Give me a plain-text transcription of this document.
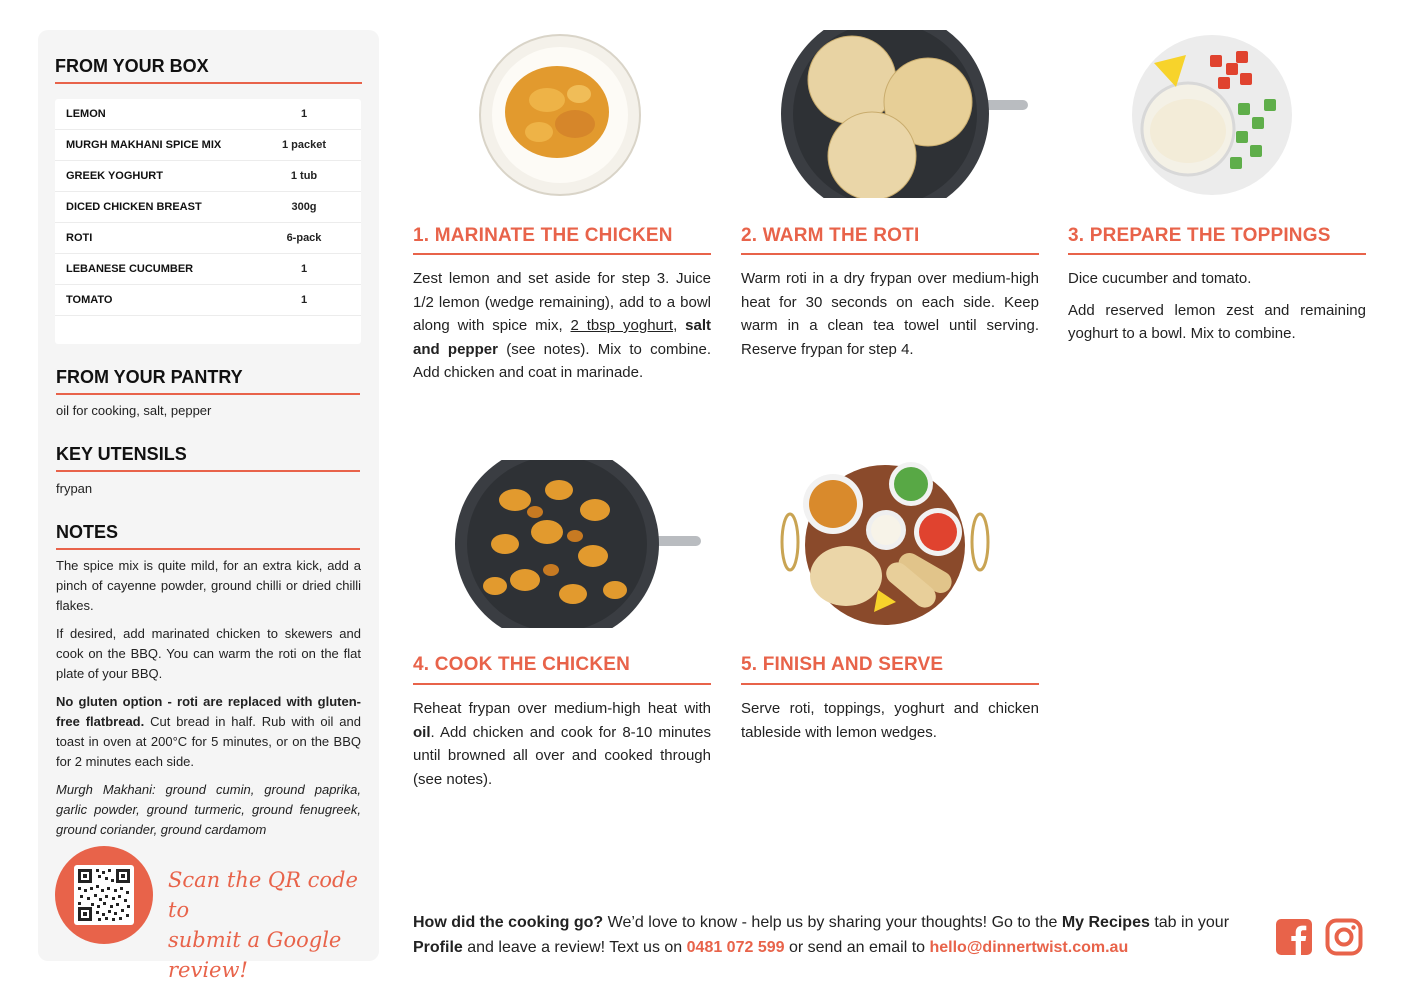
FROM YOUR BOX
LEMON	1
MURGH MAKHANI SPICE MIX	1 packet
GREEK YOGHURT	1 tub
DICED CHICKEN BREAST	300g
ROTI	6-pack
LEBANESE CUCUMBER	1
TOMATO	1
FROM YOUR PANTRY
oil for cooking, salt, pepper
KEY UTENSILS
frypan
NOTES

The spice mix is quite mild, for an extra kick, add a pinch of cayenne powder, ground chilli or dried chilli flakes.

If desired, add marinated chicken to skewers and cook on the BBQ. You can warm the roti on the flat plate of your BBQ.

No gluten option - roti are replaced with gluten-free flatbread. Cut bread in half. Rub with oil and toast in oven at 200°C for 5 minutes, or on the BBQ for 2 minutes each side.

Murgh Makhani: ground cumin, ground paprika, garlic powder, ground turmeric, ground fenugreek, ground coriander, ground cardamom

Scan the QR code to
submit a Google review!
1. MARINATE THE CHICKEN
Zest lemon and set aside for step 3. Juice 1/2 lemon (wedge remaining), add to a bowl along with spice mix, 2 tbsp yoghurt, salt and pepper (see notes). Mix to combine. Add chicken and coat in marinade.
2. WARM THE ROTI
Warm roti in a dry frypan over medium-high heat for 30 seconds on each side. Keep warm in a clean tea towel until serving. Reserve frypan for step 4.
3. PREPARE THE TOPPINGS

Dice cucumber and tomato.

Add reserved lemon zest and remaining yoghurt to a bowl. Mix to combine.

4. COOK THE CHICKEN
Reheat frypan over medium-high heat with oil. Add chicken and cook for 8-10 minutes until browned all over and cooked through (see notes).
5. FINISH AND SERVE
Serve roti, toppings, yoghurt and chicken tableside with lemon wedges.
How did the cooking go? We’d love to know - help us by sharing your thoughts! Go to the My Recipes tab in your Profile and leave a review! Text us on 0481 072 599 or send an email to hello@dinnertwist.com.au
